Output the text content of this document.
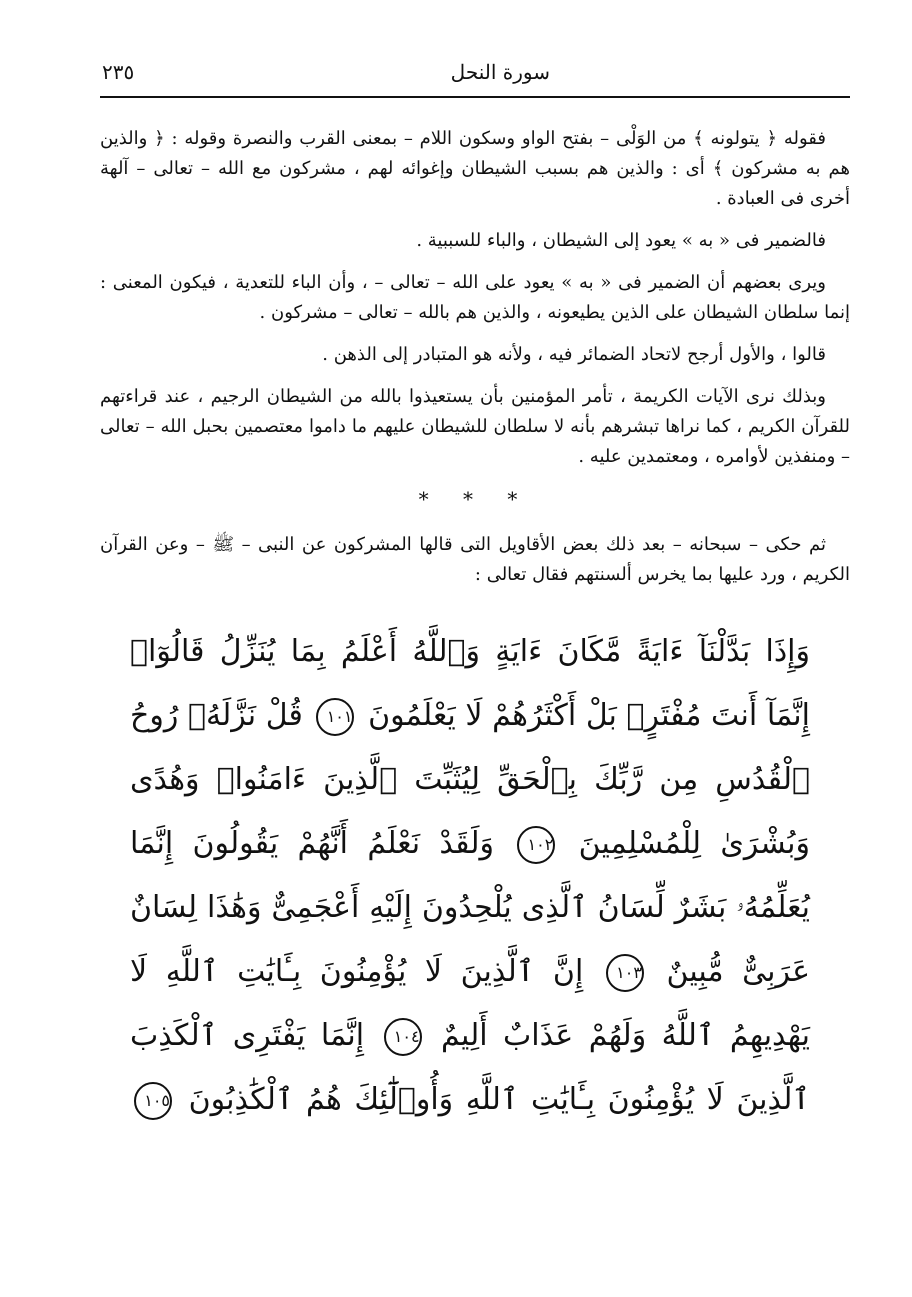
سورة النحل
٢٣٥

فقوله ﴿ يتولونه ﴾ من الوَلْى – بفتح الواو وسكون اللام – بمعنى القرب والنصرة وقوله : ﴿ والذين هم به مشركون ﴾ أى : والذين هم بسبب الشيطان وإغوائه لهم ، مشركون مع الله – تعالى – آلهة أخرى فى العبادة .

فالضمير فى « به » يعود إلى الشيطان ، والباء للسببية .

ويرى بعضهم أن الضمير فى « به » يعود على الله – تعالى – ، وأن الباء للتعدية ، فيكون المعنى : إنما سلطان الشيطان على الذين يطيعونه ، والذين هم بالله – تعالى – مشركون .

قالوا ، والأول أرجح لاتحاد الضمائر فيه ، ولأنه هو المتبادر إلى الذهن .

وبذلك نرى الآيات الكريمة ، تأمر المؤمنين بأن يستعيذوا بالله من الشيطان الرجيم ، عند قراءتهم للقرآن الكريم ، كما نراها تبشرهم بأنه لا سلطان للشيطان عليهم ما داموا معتصمين بحبل الله – تعالى – ومنفذين لأوامره ، ومعتمدين عليه .

* * *

ثم حكى – سبحانه – بعد ذلك بعض الأقاويل التى قالها المشركون عن النبى – ﷺ – وعن القرآن الكريم ، ورد عليها بما يخرس ألسنتهم فقال تعالى :

وَإِذَا بَدَّلْنَآ ءَايَةً مَّكَانَ ءَايَةٍ وَٱللَّهُ أَعْلَمُ بِمَا يُنَزِّلُ قَالُوٓا۟ إِنَّمَآ أَنتَ مُفْتَرٍۭ بَلْ أَكْثَرُهُمْ لَا يَعْلَمُونَ ١٠١ قُلْ نَزَّلَهُۥ رُوحُ ٱلْقُدُسِ مِن رَّبِّكَ بِٱلْحَقِّ لِيُثَبِّتَ ٱلَّذِينَ ءَامَنُوا۟ وَهُدًى وَبُشْرَىٰ لِلْمُسْلِمِينَ ١٠٢ وَلَقَدْ نَعْلَمُ أَنَّهُمْ يَقُولُونَ إِنَّمَا يُعَلِّمُهُۥ بَشَرٌ لِّسَانُ ٱلَّذِى يُلْحِدُونَ إِلَيْهِ أَعْجَمِىٌّ وَهَٰذَا لِسَانٌ عَرَبِىٌّ مُّبِينٌ ١٠٣ إِنَّ ٱلَّذِينَ لَا يُؤْمِنُونَ بِـَٔايَٰتِ ٱللَّهِ لَا يَهْدِيهِمُ ٱللَّهُ وَلَهُمْ عَذَابٌ أَلِيمٌ ١٠٤ إِنَّمَا يَفْتَرِى ٱلْكَذِبَ ٱلَّذِينَ لَا يُؤْمِنُونَ بِـَٔايَٰتِ ٱللَّهِ وَأُو۟لَٰٓئِكَ هُمُ ٱلْكَٰذِبُونَ ١٠٥
